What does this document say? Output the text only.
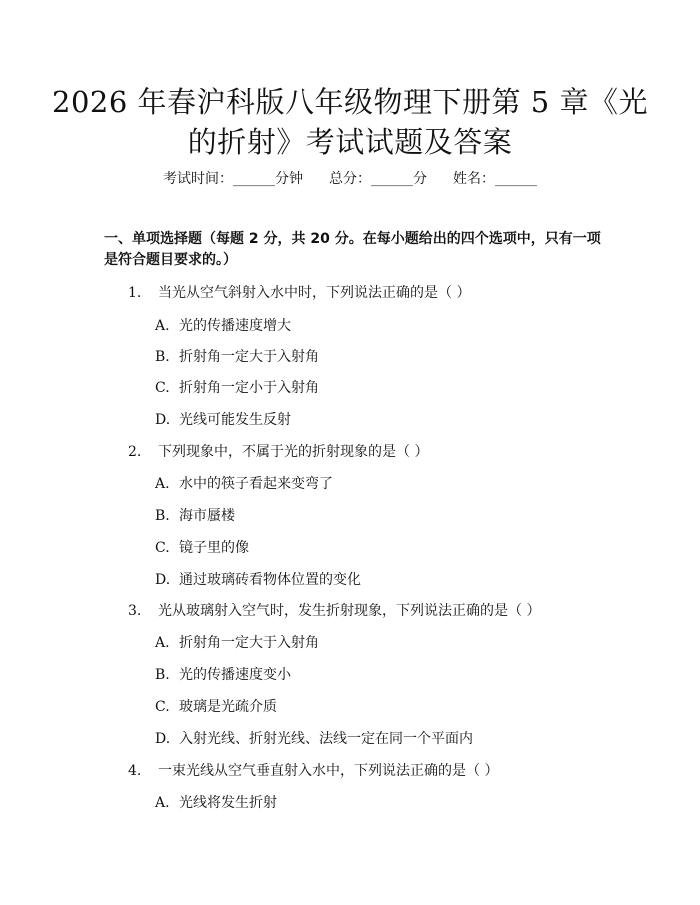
2026 年春沪科版八年级物理下册第 5 章《光
的折射》考试试题及答案
考试时间：______分钟 总分：______分 姓名：______
一、单项选择题（每题 2 分，共 20 分。在每小题给出的四个选项中，只有一项是符合题目要求的。）
1. 当光从空气斜射入水中时，下列说法正确的是（ ）
A. 光的传播速度增大
B. 折射角一定大于入射角
C. 折射角一定小于入射角
D. 光线可能发生反射
2. 下列现象中，不属于光的折射现象的是（ ）
A. 水中的筷子看起来变弯了
B. 海市蜃楼
C. 镜子里的像
D. 通过玻璃砖看物体位置的变化
3. 光从玻璃射入空气时，发生折射现象，下列说法正确的是（ ）
A. 折射角一定大于入射角
B. 光的传播速度变小
C. 玻璃是光疏介质
D. 入射光线、折射光线、法线一定在同一个平面内
4. 一束光线从空气垂直射入水中，下列说法正确的是（ ）
A. 光线将发生折射
